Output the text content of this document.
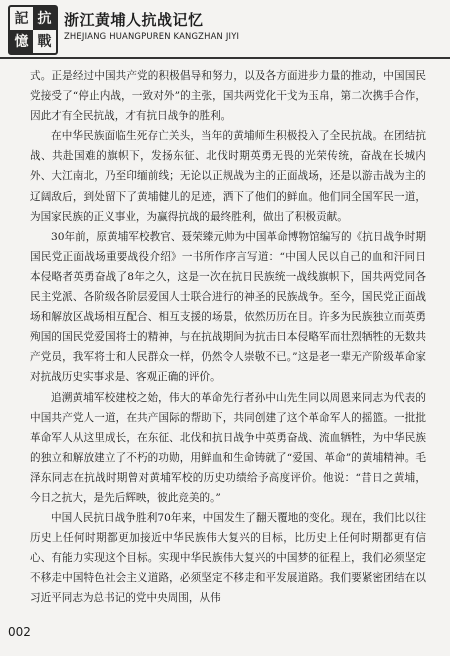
記 抗
憶 戰
浙江黄埔人抗战记忆
ZHEJIANG HUANGPUREN KANGZHAN JIYI

式。正是经过中国共产党的积极倡导和努力，以及各方面进步力量的推动，中国国民党接受了“停止内战，一致对外”的主张，国共两党化干戈为玉帛，第二次携手合作，因此才有全民抗战，才有抗日战争的胜利。

在中华民族面临生死存亡关头，当年的黄埔师生积极投入了全民抗战。在团结抗战、共赴国难的旗帜下，发扬东征、北伐时期英勇无畏的光荣传统，奋战在长城内外、大江南北，乃至印缅前线；无论以正规战为主的正面战场，还是以游击战为主的辽阔敌后，到处留下了黄埔健儿的足迹，洒下了他们的鲜血。他们同全国军民一道，为国家民族的正义事业，为赢得抗战的最终胜利，做出了积极贡献。

30年前，原黄埔军校教官、聂荣臻元帅为中国革命博物馆编写的《抗日战争时期国民党正面战场重要战役介绍》一书所作序言写道：“中国人民以自己的血和汗同日本侵略者英勇奋战了8年之久，这是一次在抗日民族统一战线旗帜下，国共两党同各民主党派、各阶级各阶层爱国人士联合进行的神圣的民族战争。至今，国民党正面战场和解放区战场相互配合、相互支援的场景，依然历历在目。许多为民族独立而英勇殉国的国民党爱国将士的精神，与在抗战期间为抗击日本侵略军而壮烈牺牲的无数共产党员，我军将士和人民群众一样，仍然令人崇敬不已。”这是老一辈无产阶级革命家对抗战历史实事求是、客观正确的评价。

追溯黄埔军校建校之始，伟大的革命先行者孙中山先生同以周恩来同志为代表的中国共产党人一道，在共产国际的帮助下，共同创建了这个革命军人的摇篮。一批批革命军人从这里成长，在东征、北伐和抗日战争中英勇奋战、流血牺牲，为中华民族的独立和解放建立了不朽的功勋，用鲜血和生命铸就了“爱国、革命”的黄埔精神。毛泽东同志在抗战时期曾对黄埔军校的历史功绩给予高度评价。他说：“昔日之黄埔，今日之抗大，是先后辉映，彼此竞美的。”

中国人民抗日战争胜利70年来，中国发生了翻天覆地的变化。现在，我们比以往历史上任何时期都更加接近中华民族伟大复兴的目标，比历史上任何时期都更有信心、有能力实现这个目标。实现中华民族伟大复兴的中国梦的征程上，我们必须坚定不移走中国特色社会主义道路，必须坚定不移走和平发展道路。我们要紧密团结在以习近平同志为总书记的党中央周围，从伟

002
